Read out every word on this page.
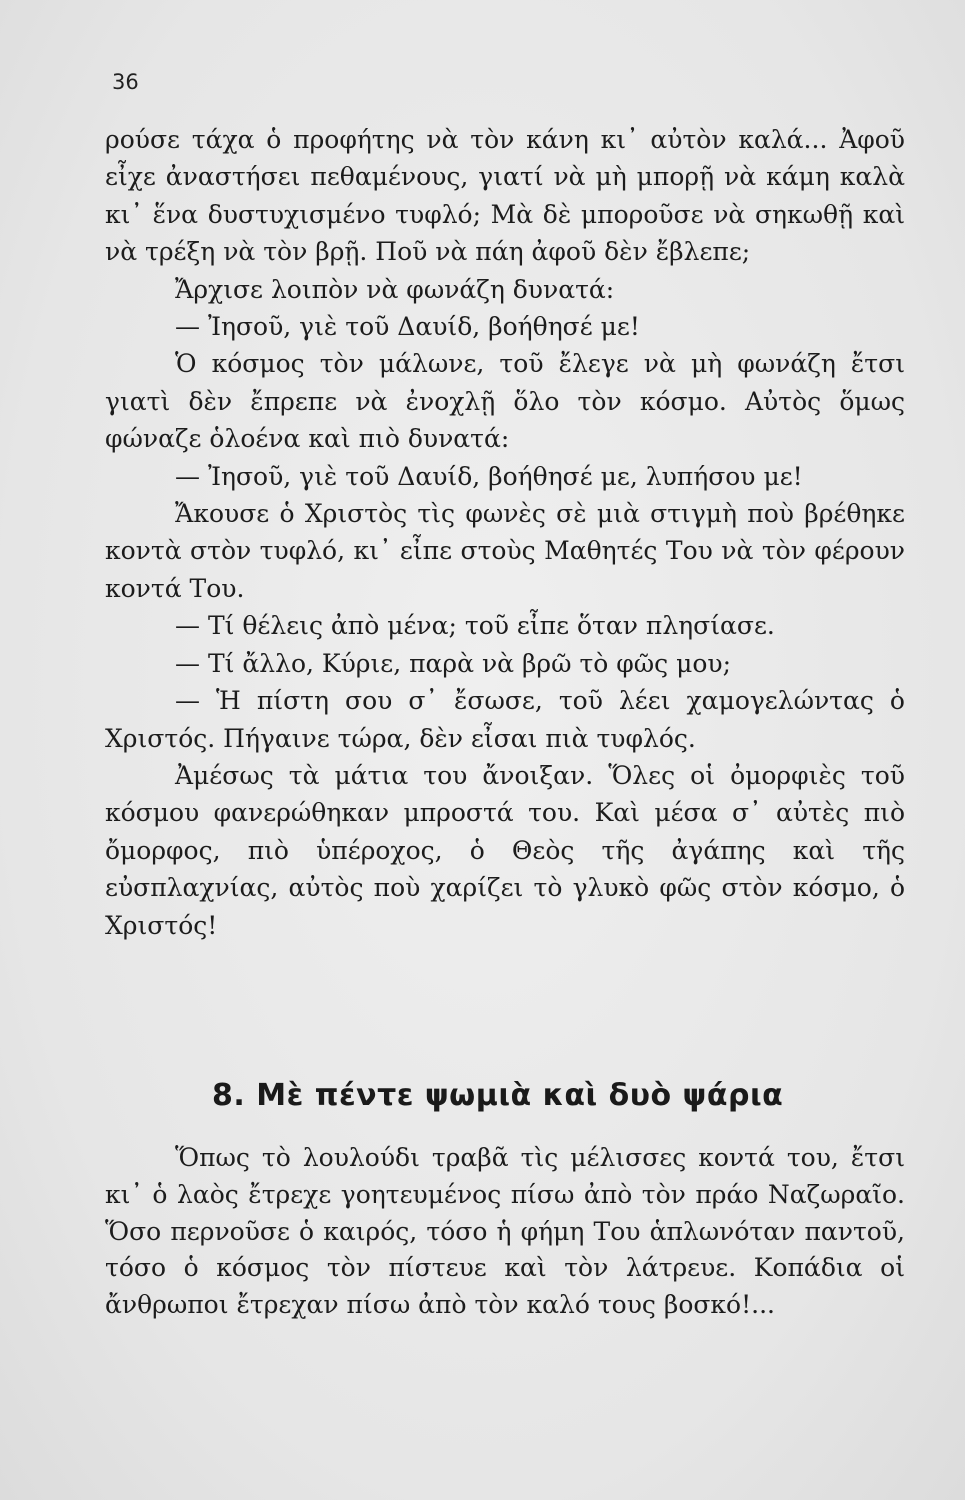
36

ρούσε τάχα ὁ προφήτης νὰ τὸν κάνη κι᾽ αὐτὸν καλά... Ἀφοῦ εἶχε ἀναστήσει πεθαμένους, γιατί νὰ μὴ μπορῇ νὰ κάμη καλὰ κι᾽ ἕνα δυστυχισμένο τυφλό; Μὰ δὲ μποροῦσε νὰ σηκωθῇ καὶ νὰ τρέξη νὰ τὸν βρῇ. Ποῦ νὰ πάη ἀφοῦ δὲν ἔβλεπε;

Ἄρχισε λοιπὸν νὰ φωνάζη δυνατά:

— Ἰησοῦ, γιὲ τοῦ Δαυίδ, βοήθησέ με!

Ὁ κόσμος τὸν μάλωνε, τοῦ ἔλεγε νὰ μὴ φωνάζη ἔτσι γιατὶ δὲν ἔπρεπε νὰ ἐνοχλῇ ὅλο τὸν κόσμο. Αὐτὸς ὅμως φώναζε ὁλοένα καὶ πιὸ δυνατά:

— Ἰησοῦ, γιὲ τοῦ Δαυίδ, βοήθησέ με, λυπήσου με!

Ἄκουσε ὁ Χριστὸς τὶς φωνὲς σὲ μιὰ στιγμὴ ποὺ βρέθηκε κοντὰ στὸν τυφλό, κι᾽ εἶπε στοὺς Μαθητές Του νὰ τὸν φέρουν κοντά Του.

— Τί θέλεις ἀπὸ μένα; τοῦ εἶπε ὅταν πλησίασε.

— Τί ἄλλο, Κύριε, παρὰ νὰ βρῶ τὸ φῶς μου;

— Ἡ πίστη σου σ᾽ ἔσωσε, τοῦ λέει χαμογελώντας ὁ Χριστός. Πήγαινε τώρα, δὲν εἶσαι πιὰ τυφλός.

Ἀμέσως τὰ μάτια του ἄνοιξαν. Ὅλες οἱ ὀμορφιὲς τοῦ κόσμου φανερώθηκαν μπροστά του. Καὶ μέσα σ᾽ αὐτὲς πιὸ ὄμορφος, πιὸ ὑπέροχος, ὁ Θεὸς τῆς ἀγάπης καὶ τῆς εὐσπλαχνίας, αὐτὸς ποὺ χαρίζει τὸ γλυκὸ φῶς στὸν κόσμο, ὁ Χριστός!

8. Μὲ πέντε ψωμιὰ καὶ δυὸ ψάρια

Ὅπως τὸ λουλούδι τραβᾶ τὶς μέλισσες κοντά του, ἔτσι κι᾽ ὁ λαὸς ἔτρεχε γοητευμένος πίσω ἀπὸ τὸν πράο Ναζωραῖο. Ὅσο περνοῦσε ὁ καιρός, τόσο ἡ φήμη Του ἁπλωνόταν παντοῦ, τόσο ὁ κόσμος τὸν πίστευε καὶ τὸν λάτρευε. Κοπάδια οἱ ἄνθρωποι ἔτρεχαν πίσω ἀπὸ τὸν καλό τους βοσκό!...
